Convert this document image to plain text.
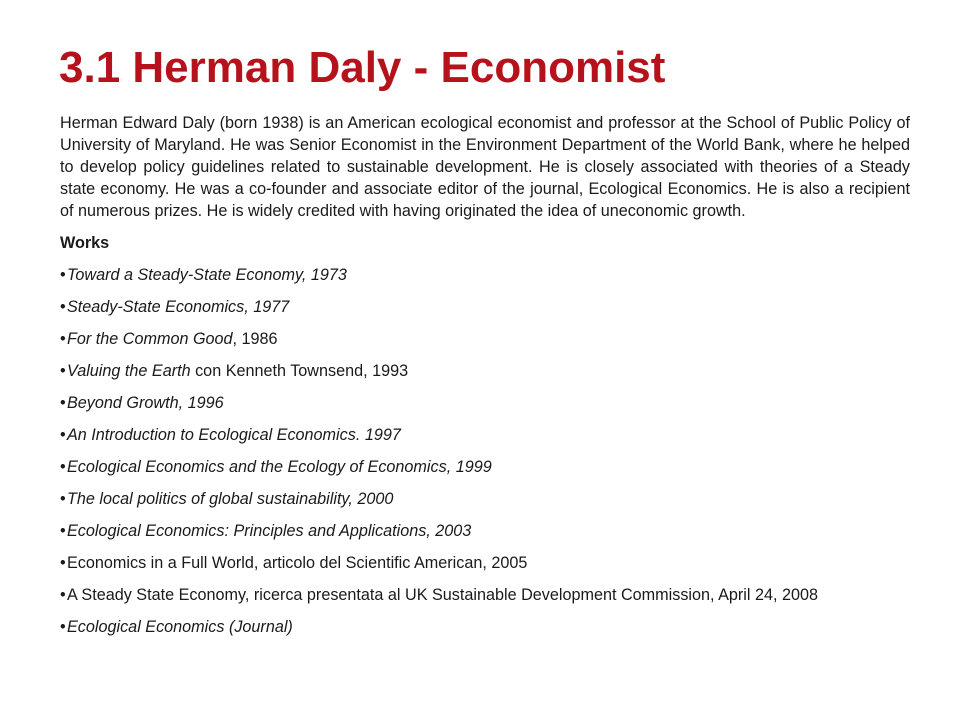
3.1 Herman Daly - Economist

Herman Edward Daly (born 1938) is an American ecological economist and professor at the School of Public Policy of University of Maryland. He was Senior Economist in the Environment Department of the World Bank, where he helped to develop policy guidelines related to sustainable development. He is closely associated with theories of a Steady state economy. He was a co-founder and associate editor of the journal, Ecological Economics. He is also a recipient of numerous prizes. He is widely credited with having originated the idea of uneconomic growth.

Works
• Toward a Steady-State Economy, 1973
• Steady-State Economics, 1977
• For the Common Good, 1986
• Valuing the Earth con Kenneth Townsend, 1993
• Beyond Growth, 1996
• An Introduction to Ecological Economics. 1997
• Ecological Economics and the Ecology of Economics, 1999
• The local politics of global sustainability, 2000
• Ecological Economics: Principles and Applications, 2003
• Economics in a Full World, articolo del Scientific American, 2005
• A Steady State Economy, ricerca presentata al UK Sustainable Development Commission, April 24, 2008
• Ecological Economics (Journal)
